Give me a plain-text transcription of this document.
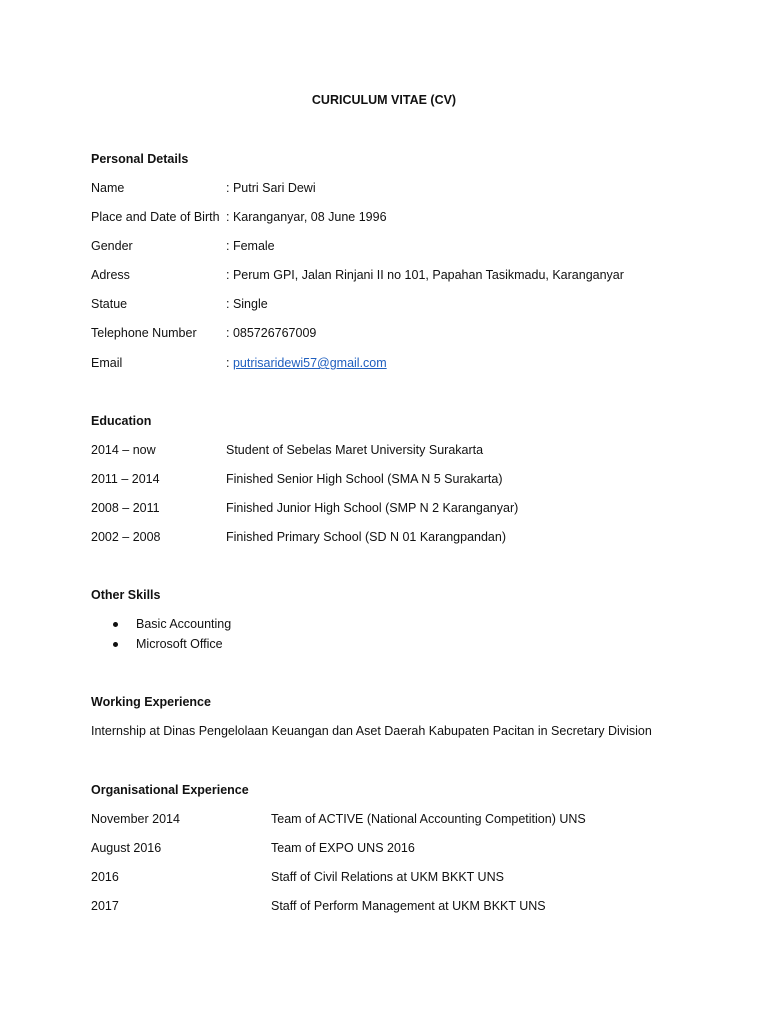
CURICULUM VITAE (CV)
Personal Details
Name	: Putri Sari Dewi
Place and Date of Birth : Karanganyar, 08 June 1996
Gender	: Female
Adress	: Perum GPI, Jalan Rinjani II no 101, Papahan Tasikmadu, Karanganyar
Statue	: Single
Telephone Number : 085726767009
Email	: putrisaridewi57@gmail.com
Education
2014 – now	Student of Sebelas Maret University Surakarta
2011 – 2014	Finished Senior High School (SMA N 5 Surakarta)
2008 – 2011	Finished Junior High School (SMP N 2 Karanganyar)
2002 – 2008	Finished Primary School (SD N 01 Karangpandan)
Other Skills
Basic Accounting
Microsoft Office
Working Experience
Internship at Dinas Pengelolaan Keuangan dan Aset Daerah Kabupaten Pacitan in Secretary Division
Organisational Experience
November 2014	Team of ACTIVE (National Accounting Competition) UNS
August 2016	Team of EXPO UNS 2016
2016	Staff of Civil Relations at UKM BKKT UNS
2017	Staff of Perform Management at UKM BKKT UNS
